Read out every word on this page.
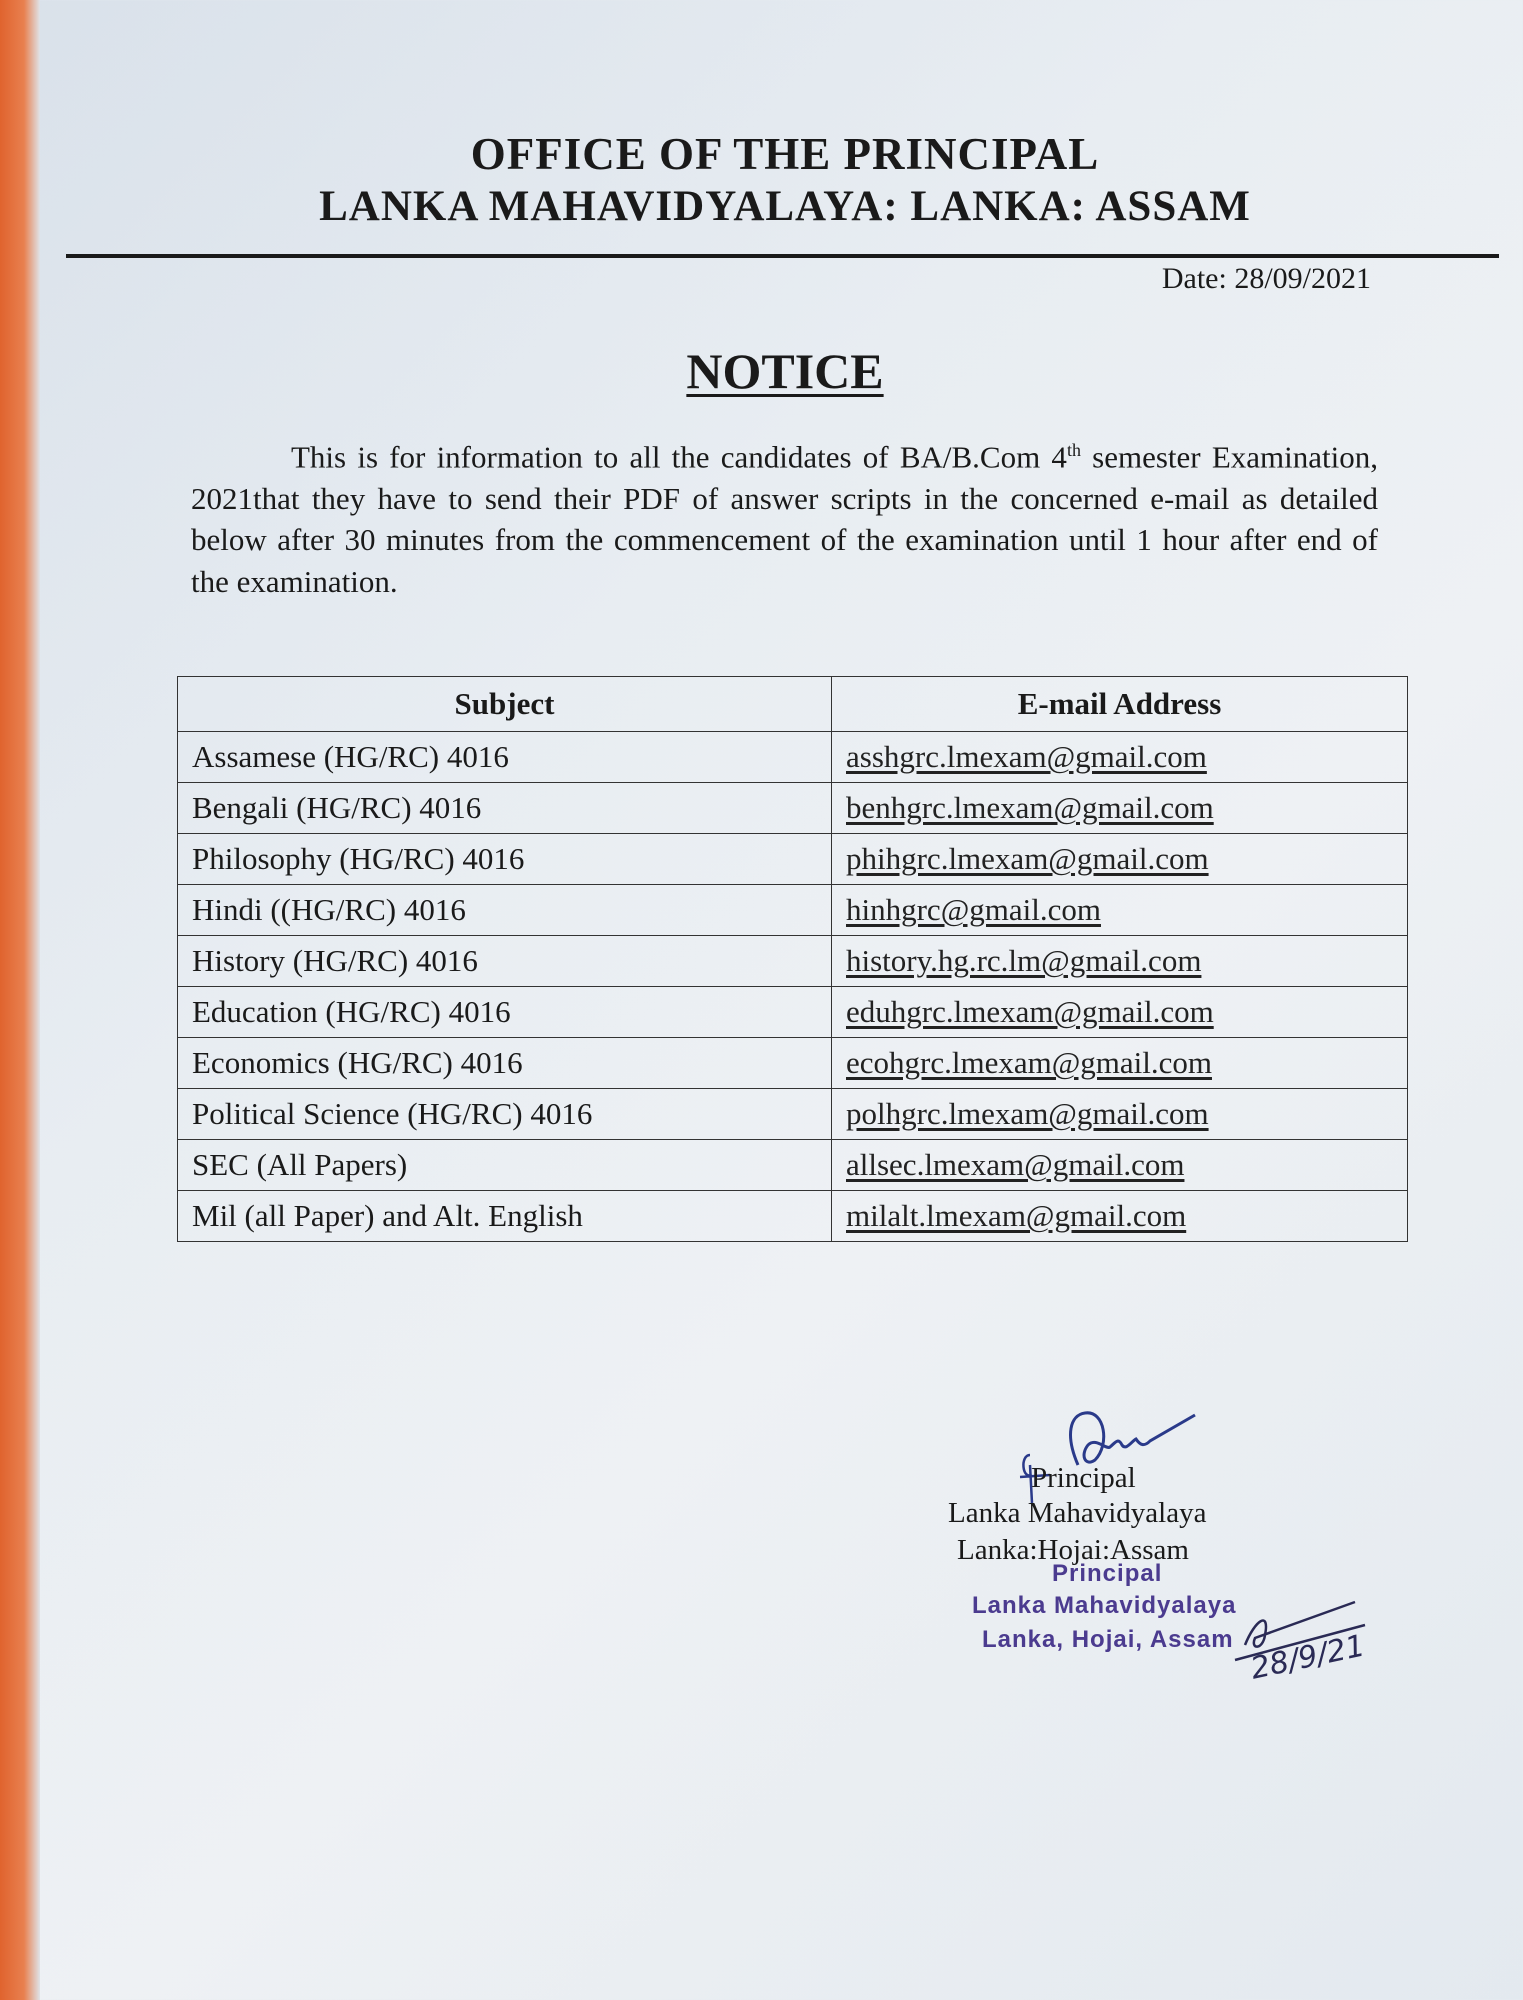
OFFICE OF THE PRINCIPAL
LANKA MAHAVIDYALAYA: LANKA: ASSAM
Date: 28/09/2021
NOTICE
This is for information to all the candidates of BA/B.Com 4th semester Examination, 2021that they have to send their PDF of answer scripts in the concerned e-mail as detailed below after 30 minutes from the commencement of the examination until 1 hour after end of the examination.
Subject	E-mail Address
Assamese (HG/RC) 4016	asshgrc.lmexam@gmail.com
Bengali (HG/RC) 4016	benhgrc.lmexam@gmail.com
Philosophy (HG/RC) 4016	phihgrc.lmexam@gmail.com
Hindi ((HG/RC) 4016	hinhgrc@gmail.com
History (HG/RC) 4016	history.hg.rc.lm@gmail.com
Education (HG/RC) 4016	eduhgrc.lmexam@gmail.com
Economics (HG/RC) 4016	ecohgrc.lmexam@gmail.com
Political Science (HG/RC) 4016	polhgrc.lmexam@gmail.com
SEC (All Papers)	allsec.lmexam@gmail.com
Mil (all Paper) and Alt. English	milalt.lmexam@gmail.com
Principal
Lanka Mahavidyalaya
Lanka:Hojai:Assam
Principal
Lanka Mahavidyalaya
Lanka, Hojai, Assam 28/9/21
